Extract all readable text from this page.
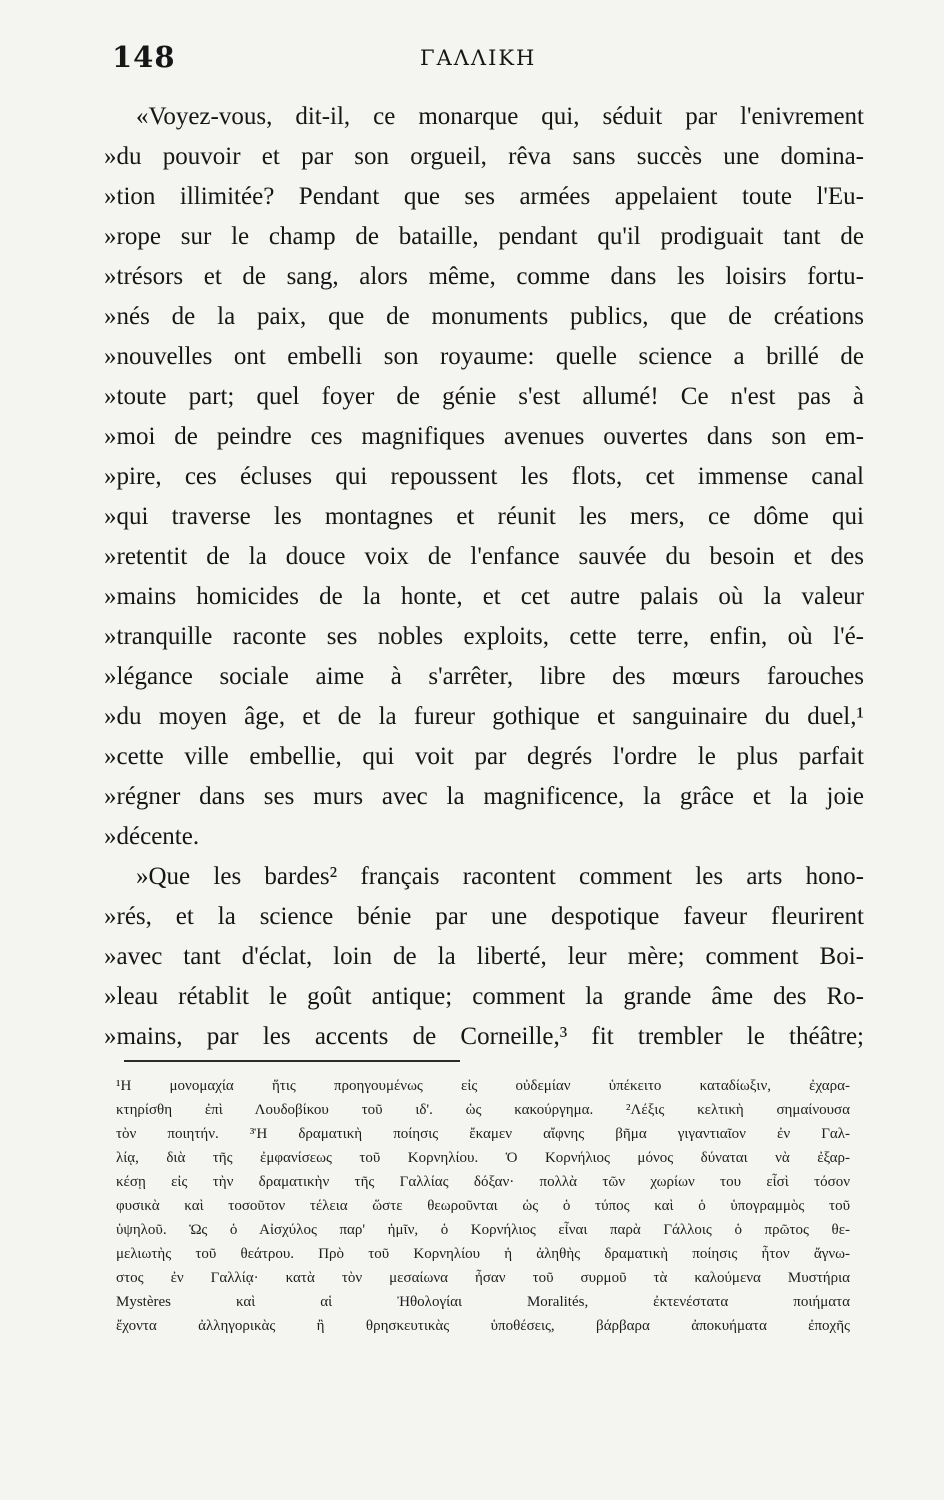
148	ΓΑΛΛΙΚΗ
«Voyez-vous, dit-il, ce monarque qui, séduit par l'enivrement
»du pouvoir et par son orgueil, rêva sans succès une domina-
»tion illimitée? Pendant que ses armées appelaient toute l'Eu-
»rope sur le champ de bataille, pendant qu'il prodiguait tant de
»trésors et de sang, alors même, comme dans les loisirs fortu-
»nés de la paix, que de monuments publics, que de créations
»nouvelles ont embelli son royaume: quelle science a brillé de
»toute part; quel foyer de génie s'est allumé! Ce n'est pas à
»moi de peindre ces magnifiques avenues ouvertes dans son em-
»pire, ces écluses qui repoussent les flots, cet immense canal
»qui traverse les montagnes et réunit les mers, ce dôme qui
»retentit de la douce voix de l'enfance sauvée du besoin et des
»mains homicides de la honte, et cet autre palais où la valeur
»tranquille raconte ses nobles exploits, cette terre, enfin, où l'é-
»légance sociale aime à s'arrêter, libre des mœurs farouches
»du moyen âge, et de la fureur gothique et sanguinaire du duel,¹
»cette ville embellie, qui voit par degrés l'ordre le plus parfait
»régner dans ses murs avec la magnificence, la grâce et la joie
»décente.
»Que les bardes² français racontent comment les arts hono-
»rés, et la science bénie par une despotique faveur fleurirent
»avec tant d'éclat, loin de la liberté, leur mère; comment Boi-
»leau rétablit le goût antique; comment la grande âme des Ro-
»mains, par les accents de Corneille,³ fit trembler le théâtre;
¹Η μονομαχία ἥτις προηγουμένως εἰς οὐδεμίαν ὑπέκειτο καταδίωξιν, ἐχαρα-
κτηρίσθη ἐπὶ Λουδοβίκου τοῦ ιδ'. ὡς κακούργημα. ²Λέξις κελτικὴ σημαίνουσα
τὸν ποιητήν. ³Ἡ δραματικὴ ποίησις ἔκαμεν αἴφνης βῆμα γιγαντιαῖον ἐν Γαλ-
λίᾳ, διὰ τῆς ἐμφανίσεως τοῦ Κορνηλίου. Ὁ Κορνήλιος μόνος δύναται νὰ ἐξαρ-
κέσῃ εἰς τὴν δραματικὴν τῆς Γαλλίας δόξαν· πολλὰ τῶν χωρίων του εἶσὶ τόσον
φυσικὰ καὶ τοσοῦτον τέλεια ὥστε θεωροῦνται ὡς ὁ τύπος καὶ ὁ ὑπογραμμὸς τοῦ
ὑψηλοῦ. Ὡς ὁ Αἰσχύλος παρ' ἡμῖν, ὁ Κορνήλιος εἶναι παρὰ Γάλλοις ὁ πρῶτος θε-
μελιωτὴς τοῦ θεάτρου. Πρὸ τοῦ Κορνηλίου ἡ ἀληθὴς δραματικὴ ποίησις ἦτον ἄγνω-
στος ἐν Γαλλίᾳ· κατὰ τὸν μεσαίωνα ἦσαν τοῦ συρμοῦ τὰ καλούμενα Μυστήρια
Mystères καὶ αἱ Ἠθολογίαι Moralités, ἐκτενέστατα ποιήματα
ἔχοντα ἀλληγορικὰς ἢ θρησκευτικὰς ὑποθέσεις, βάρβαρα ἀποκυήματα ἐποχῆς
